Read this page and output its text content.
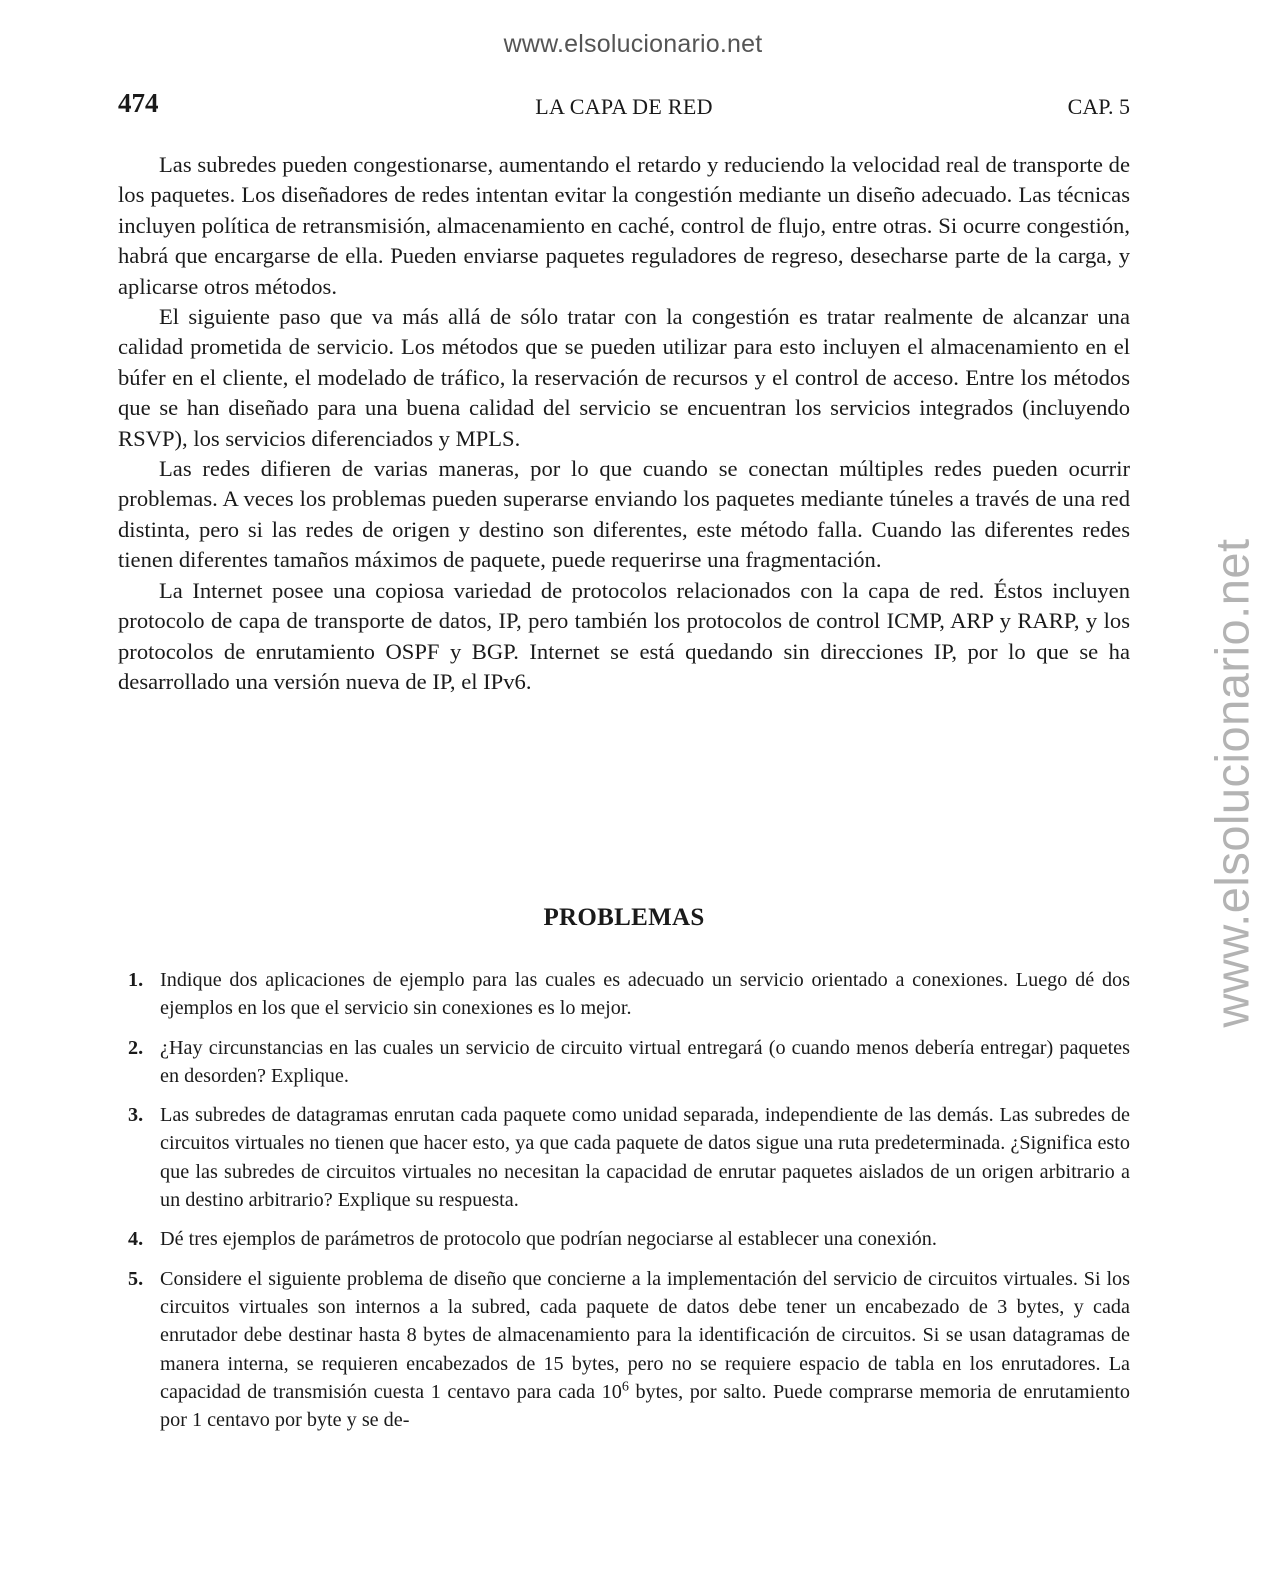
www.elsolucionario.net
www.elsolucionario.net
474	LA CAPA DE RED	CAP. 5

Las subredes pueden congestionarse, aumentando el retardo y reduciendo la velocidad real de transporte de los paquetes. Los diseñadores de redes intentan evitar la congestión mediante un diseño adecuado. Las técnicas incluyen política de retransmisión, almacenamiento en caché, control de flujo, entre otras. Si ocurre congestión, habrá que encargarse de ella. Pueden enviarse paquetes reguladores de regreso, desecharse parte de la carga, y aplicarse otros métodos.

El siguiente paso que va más allá de sólo tratar con la congestión es tratar realmente de alcanzar una calidad prometida de servicio. Los métodos que se pueden utilizar para esto incluyen el almacenamiento en el búfer en el cliente, el modelado de tráfico, la reservación de recursos y el control de acceso. Entre los métodos que se han diseñado para una buena calidad del servicio se encuentran los servicios integrados (incluyendo RSVP), los servicios diferenciados y MPLS.

Las redes difieren de varias maneras, por lo que cuando se conectan múltiples redes pueden ocurrir problemas. A veces los problemas pueden superarse enviando los paquetes mediante túneles a través de una red distinta, pero si las redes de origen y destino son diferentes, este método falla. Cuando las diferentes redes tienen diferentes tamaños máximos de paquete, puede requerirse una fragmentación.

La Internet posee una copiosa variedad de protocolos relacionados con la capa de red. Éstos incluyen protocolo de capa de transporte de datos, IP, pero también los protocolos de control ICMP, ARP y RARP, y los protocolos de enrutamiento OSPF y BGP. Internet se está quedando sin direcciones IP, por lo que se ha desarrollado una versión nueva de IP, el IPv6.

PROBLEMAS
1. Indique dos aplicaciones de ejemplo para las cuales es adecuado un servicio orientado a conexiones. Luego dé dos ejemplos en los que el servicio sin conexiones es lo mejor.
2. ¿Hay circunstancias en las cuales un servicio de circuito virtual entregará (o cuando menos debería entregar) paquetes en desorden? Explique.
3. Las subredes de datagramas enrutan cada paquete como unidad separada, independiente de las demás. Las subredes de circuitos virtuales no tienen que hacer esto, ya que cada paquete de datos sigue una ruta predeterminada. ¿Significa esto que las subredes de circuitos virtuales no necesitan la capacidad de enrutar paquetes aislados de un origen arbitrario a un destino arbitrario? Explique su respuesta.
4. Dé tres ejemplos de parámetros de protocolo que podrían negociarse al establecer una conexión.
5. Considere el siguiente problema de diseño que concierne a la implementación del servicio de circuitos virtuales. Si los circuitos virtuales son internos a la subred, cada paquete de datos debe tener un encabezado de 3 bytes, y cada enrutador debe destinar hasta 8 bytes de almacenamiento para la identificación de circuitos. Si se usan datagramas de manera interna, se requieren encabezados de 15 bytes, pero no se requiere espacio de tabla en los enrutadores. La capacidad de transmisión cuesta 1 centavo para cada $10^6$ bytes, por salto. Puede comprarse memoria de enrutamiento por 1 centavo por byte y se de-
